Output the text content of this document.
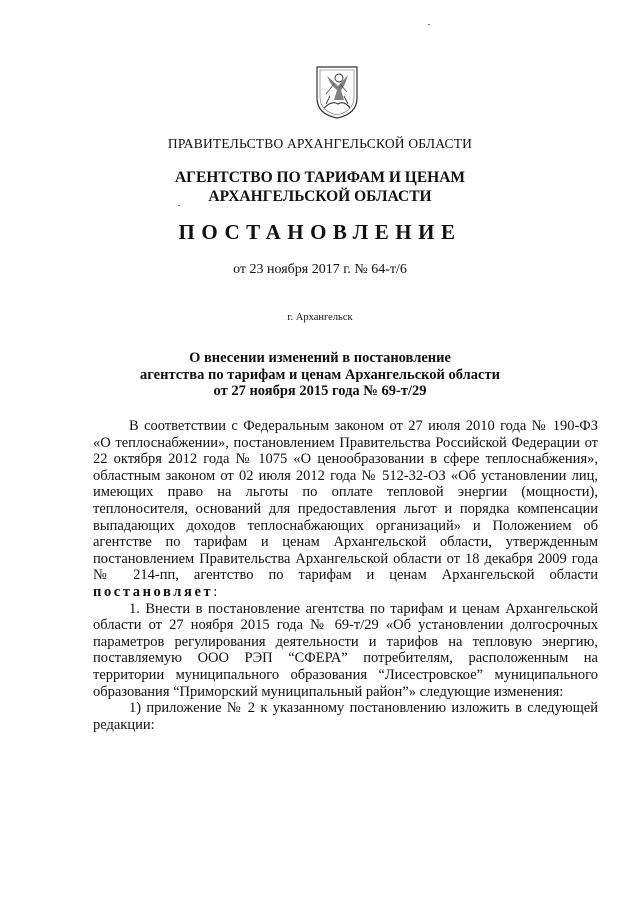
ПРАВИТЕЛЬСТВО АРХАНГЕЛЬСКОЙ ОБЛАСТИ
АГЕНТСТВО ПО ТАРИФАМ И ЦЕНАМ
АРХАНГЕЛЬСКОЙ ОБЛАСТИ
ПОСТАНОВЛЕНИЕ
от 23 ноября 2017 г. № 64-т/6
г. Архангельск
О внесении изменений в постановление
агентства по тарифам и ценам Архангельской области
от 27 ноября 2015 года № 69-т/29

В соответствии с Федеральным законом от 27 июля 2010 года № 190-ФЗ «О теплоснабжении», постановлением Правительства Российской Федерации от 22 октября 2012 года № 1075 «О ценообразовании в сфере теплоснабжения», областным законом от 02 июля 2012 года № 512-32-ОЗ «Об установлении лиц, имеющих право на льготы по оплате тепловой энергии (мощности), теплоносителя, оснований для предоставления льгот и порядка компенсации выпадающих доходов теплоснабжающих организаций» и Положением об агентстве по тарифам и ценам Архангельской области, утвержденным постановлением Правительства Архангельской области от 18 декабря 2009 года № 214-пп, агентство по тарифам и ценам Архангельской области постановляет:

1. Внести в постановление агентства по тарифам и ценам Архангельской области от 27 ноября 2015 года № 69-т/29 «Об установлении долгосрочных параметров регулирования деятельности и тарифов на тепловую энергию, поставляемую ООО РЭП “СФЕРА” потребителям, расположенным на территории муниципального образования “Лисестровское” муниципального образования “Приморский муниципальный район”» следующие изменения:

1) приложение № 2 к указанному постановлению изложить в следующей редакции:
